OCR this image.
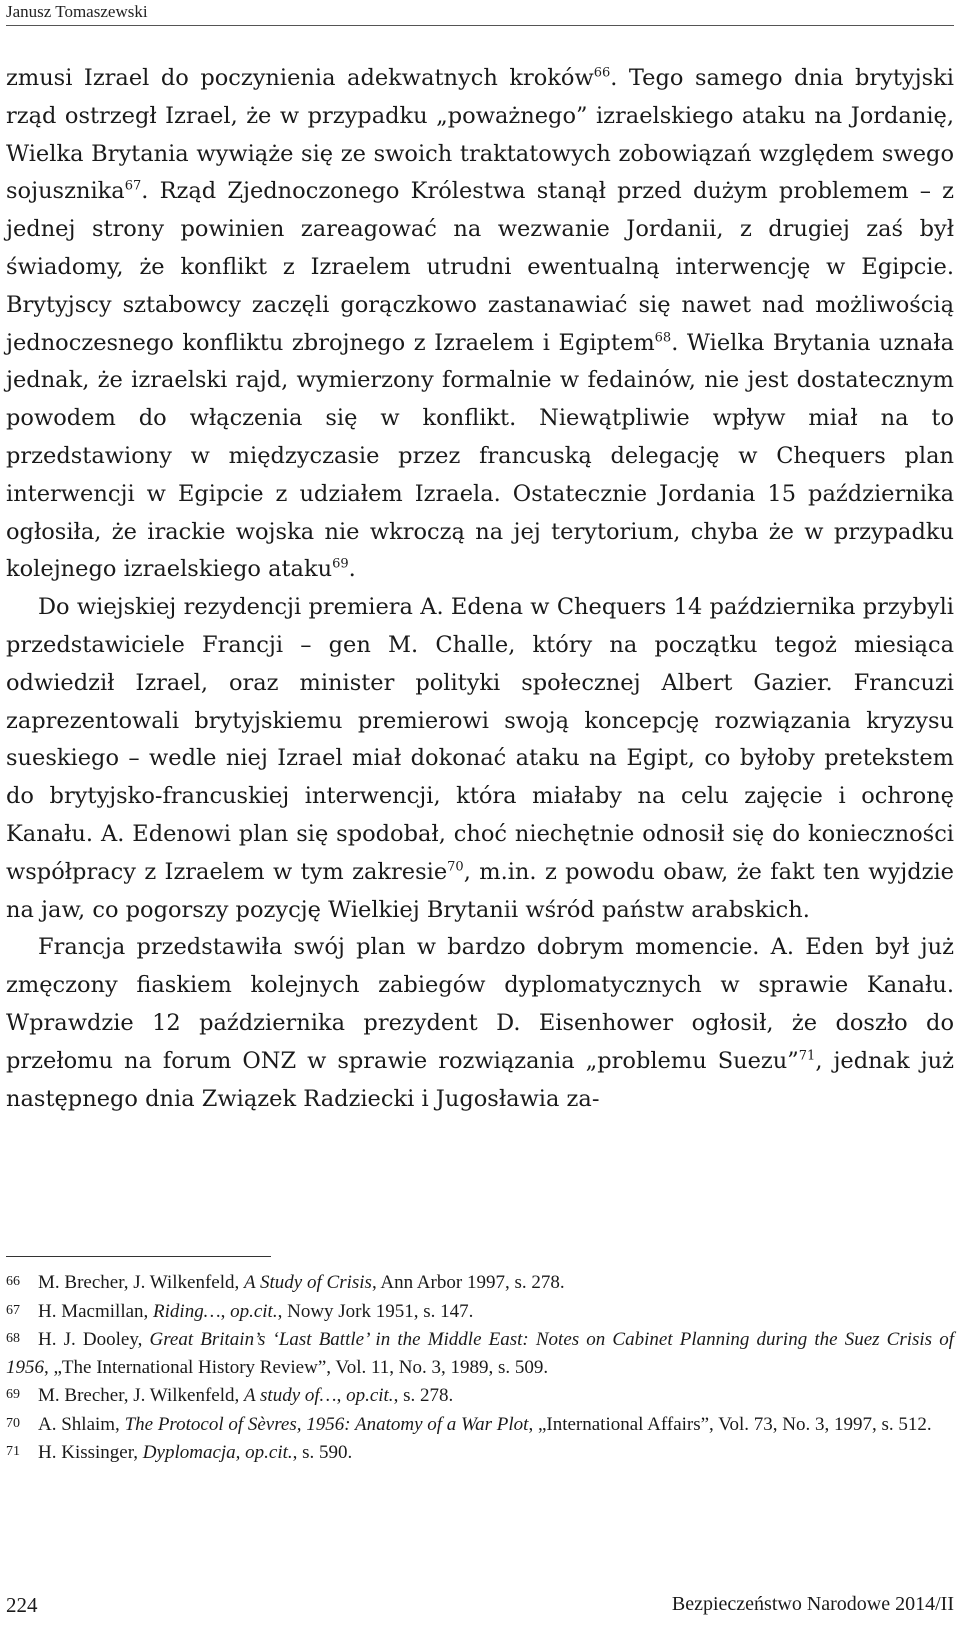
Janusz Tomaszewski

zmusi Izrael do poczynienia adekwatnych kroków$^{66}$. Tego samego dnia brytyjski rząd ostrzegł Izrael, że w przypadku „poważnego” izraelskiego ataku na Jordanię, Wielka Brytania wywiąże się ze swoich traktatowych zobowiązań względem swego sojusznika$^{67}$. Rząd Zjednoczonego Królestwa stanął przed dużym problemem – z jednej strony powinien zareagować na wezwanie Jordanii, z drugiej zaś był świadomy, że konflikt z Izraelem utrudni ewentualną interwencję w Egipcie. Brytyjscy sztabowcy zaczęli gorączkowo zastanawiać się nawet nad możliwością jednoczesnego konfliktu zbrojnego z Izraelem i Egiptem$^{68}$. Wielka Brytania uznała jednak, że izraelski rajd, wymierzony formalnie w fedainów, nie jest dostatecznym powodem do włączenia się w konflikt. Niewątpliwie wpływ miał na to przedstawiony w międzyczasie przez francuską delegację w Chequers plan interwencji w Egipcie z udziałem Izraela. Ostatecznie Jordania 15 października ogłosiła, że irackie wojska nie wkroczą na jej terytorium, chyba że w przypadku kolejnego izraelskiego ataku$^{69}$.

Do wiejskiej rezydencji premiera A. Edena w Chequers 14 października przybyli przedstawiciele Francji – gen M. Challe, który na początku tegoż miesiąca odwiedził Izrael, oraz minister polityki społecznej Albert Gazier. Francuzi zaprezentowali brytyjskiemu premierowi swoją koncepcję rozwiązania kryzysu sueskiego – wedle niej Izrael miał dokonać ataku na Egipt, co byłoby pretekstem do brytyjsko-francuskiej interwencji, która miałaby na celu zajęcie i ochronę Kanału. A. Edenowi plan się spodobał, choć niechętnie odnosił się do konieczności współpracy z Izraelem w tym zakresie$^{70}$, m.in. z powodu obaw, że fakt ten wyjdzie na jaw, co pogorszy pozycję Wielkiej Brytanii wśród państw arabskich.

Francja przedstawiła swój plan w bardzo dobrym momencie. A. Eden był już zmęczony fiaskiem kolejnych zabiegów dyplomatycznych w sprawie Kanału. Wprawdzie 12 października prezydent D. Eisenhower ogłosił, że doszło do przełomu na forum ONZ w sprawie rozwiązania „problemu Suezu”$^{71}$, jednak już następnego dnia Związek Radziecki i Jugosławia za-

66 M. Brecher, J. Wilkenfeld, A Study of Crisis, Ann Arbor 1997, s. 278.

67 H. Macmillan, Riding…, op.cit., Nowy Jork 1951, s. 147.

68 H. J. Dooley, Great Britain’s ‘Last Battle’ in the Middle East: Notes on Cabinet Planning during the Suez Crisis of 1956, „The International History Review”, Vol. 11, No. 3, 1989, s. 509.

69 M. Brecher, J. Wilkenfeld, A study of…, op.cit., s. 278.

70 A. Shlaim, The Protocol of Sèvres, 1956: Anatomy of a War Plot, „International Affairs”, Vol. 73, No. 3, 1997, s. 512.

71 H. Kissinger, Dyplomacja, op.cit., s. 590.

224	Bezpieczeństwo Narodowe 2014/II
